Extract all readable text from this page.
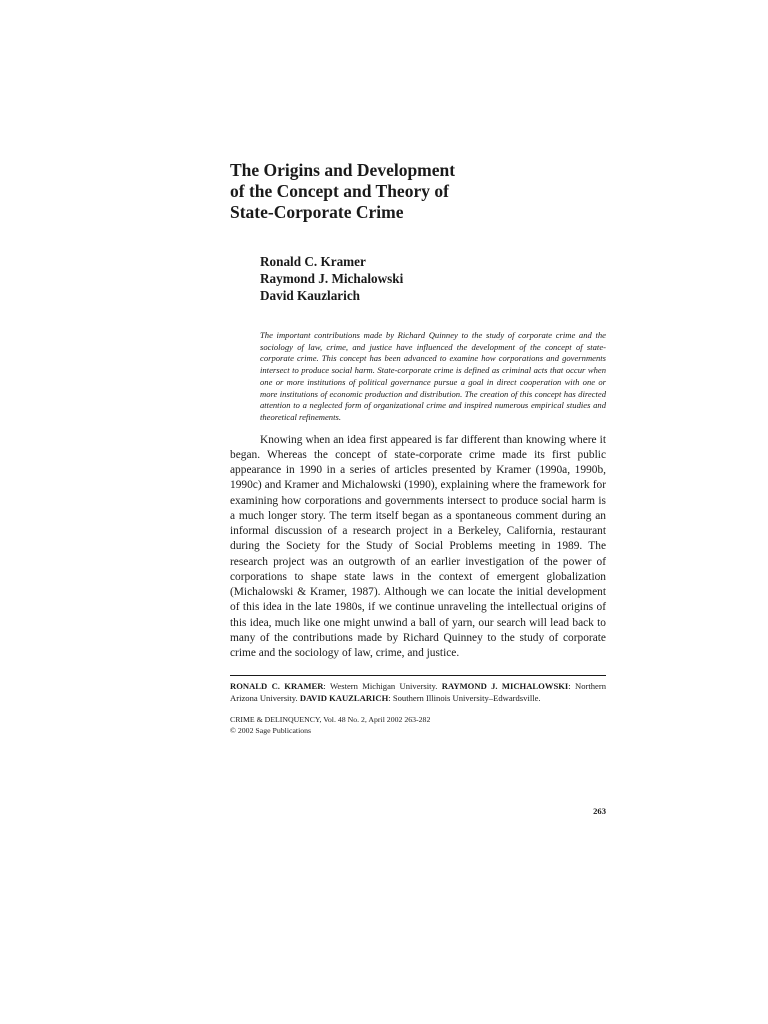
The Origins and Development
of the Concept and Theory of
State-Corporate Crime
Ronald C. Kramer
Raymond J. Michalowski
David Kauzlarich

The important contributions made by Richard Quinney to the study of corporate crime and the sociology of law, crime, and justice have influenced the development of the concept of state-corporate crime. This concept has been advanced to examine how corporations and governments intersect to produce social harm. State-corporate crime is defined as criminal acts that occur when one or more institutions of political governance pursue a goal in direct cooperation with one or more institutions of economic production and distribution. The creation of this concept has directed attention to a neglected form of organizational crime and inspired numerous empirical studies and theoretical refinements.

Knowing when an idea first appeared is far different than knowing where it began. Whereas the concept of state-corporate crime made its first public appearance in 1990 in a series of articles presented by Kramer (1990a, 1990b, 1990c) and Kramer and Michalowski (1990), explaining where the framework for examining how corporations and governments intersect to produce social harm is a much longer story. The term itself began as a spontaneous comment during an informal discussion of a research project in a Berkeley, California, restaurant during the Society for the Study of Social Problems meeting in 1989. The research project was an outgrowth of an earlier investigation of the power of corporations to shape state laws in the context of emergent globalization (Michalowski & Kramer, 1987). Although we can locate the initial development of this idea in the late 1980s, if we continue unraveling the intellectual origins of this idea, much like one might unwind a ball of yarn, our search will lead back to many of the contributions made by Richard Quinney to the study of corporate crime and the sociology of law, crime, and justice.

RONALD C. KRAMER: Western Michigan University. RAYMOND J. MICHALOWSKI: Northern Arizona University. DAVID KAUZLARICH: Southern Illinois University–Edwardsville.

CRIME & DELINQUENCY, Vol. 48 No. 2, April 2002 263-282
© 2002 Sage Publications
263
